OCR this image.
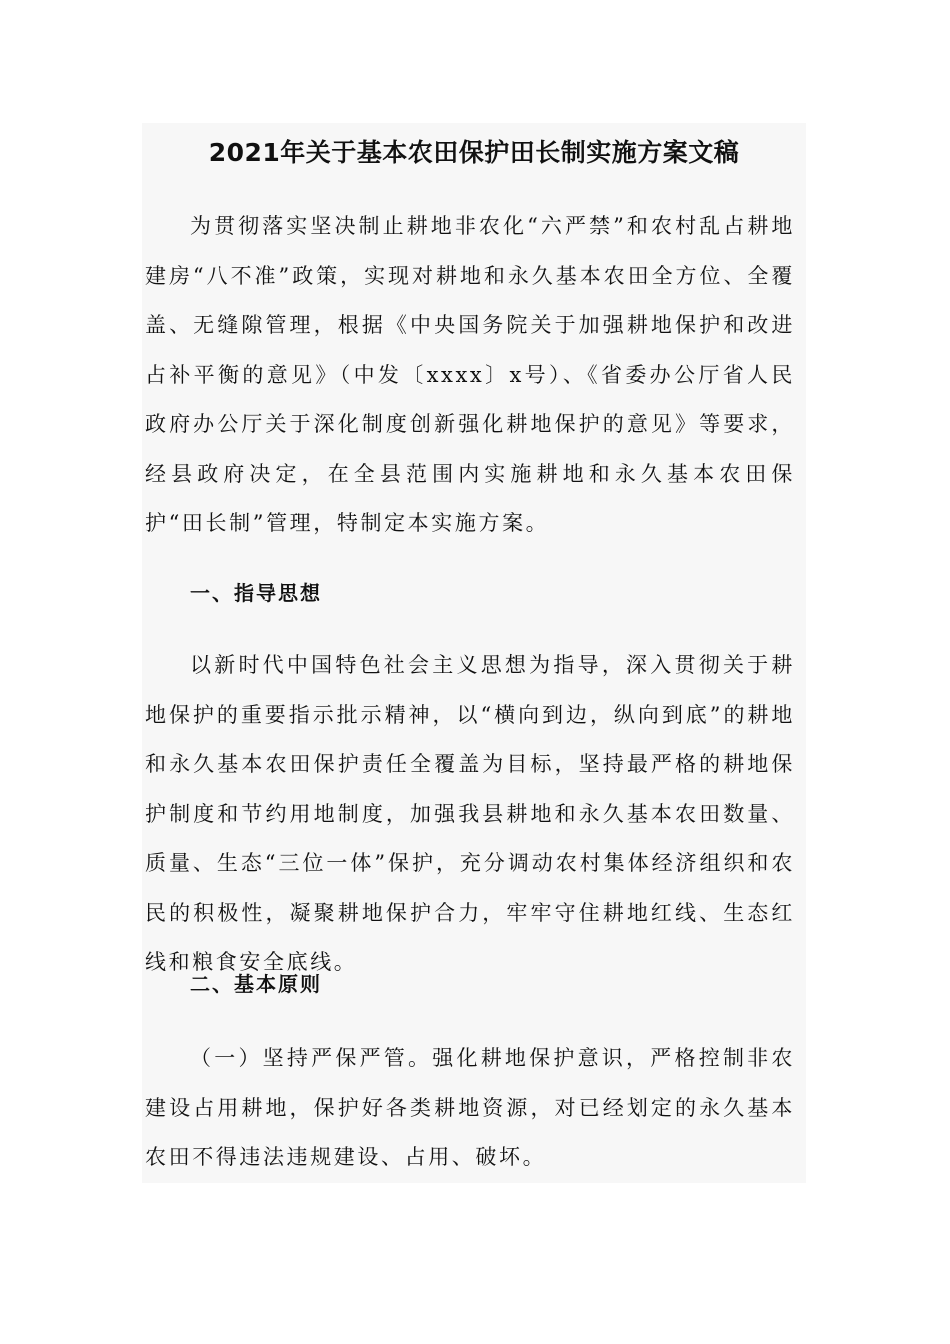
2021年关于基本农田保护田长制实施方案文稿

为贯彻落实坚决制止耕地非农化“六严禁”和农村乱占耕地建房“八不准”政策，实现对耕地和永久基本农田全方位、全覆盖、无缝隙管理，根据《中央国务院关于加强耕地保护和改进占补平衡的意见》（中发〔xxxx〕x号）、《省委办公厅省人民政府办公厅关于深化制度创新强化耕地保护的意见》等要求，经县政府决定，在全县范围内实施耕地和永久基本农田保护“田长制”管理，特制定本实施方案。

一、指导思想

以新时代中国特色社会主义思想为指导，深入贯彻关于耕地保护的重要指示批示精神，以“横向到边，纵向到底”的耕地和永久基本农田保护责任全覆盖为目标，坚持最严格的耕地保护制度和节约用地制度，加强我县耕地和永久基本农田数量、质量、生态“三位一体”保护，充分调动农村集体经济组织和农民的积极性，凝聚耕地保护合力，牢牢守住耕地红线、生态红线和粮食安全底线。

二、基本原则

（一）坚持严保严管。强化耕地保护意识，严格控制非农建设占用耕地，保护好各类耕地资源，对已经划定的永久基本农田不得违法违规建设、占用、破坏。
